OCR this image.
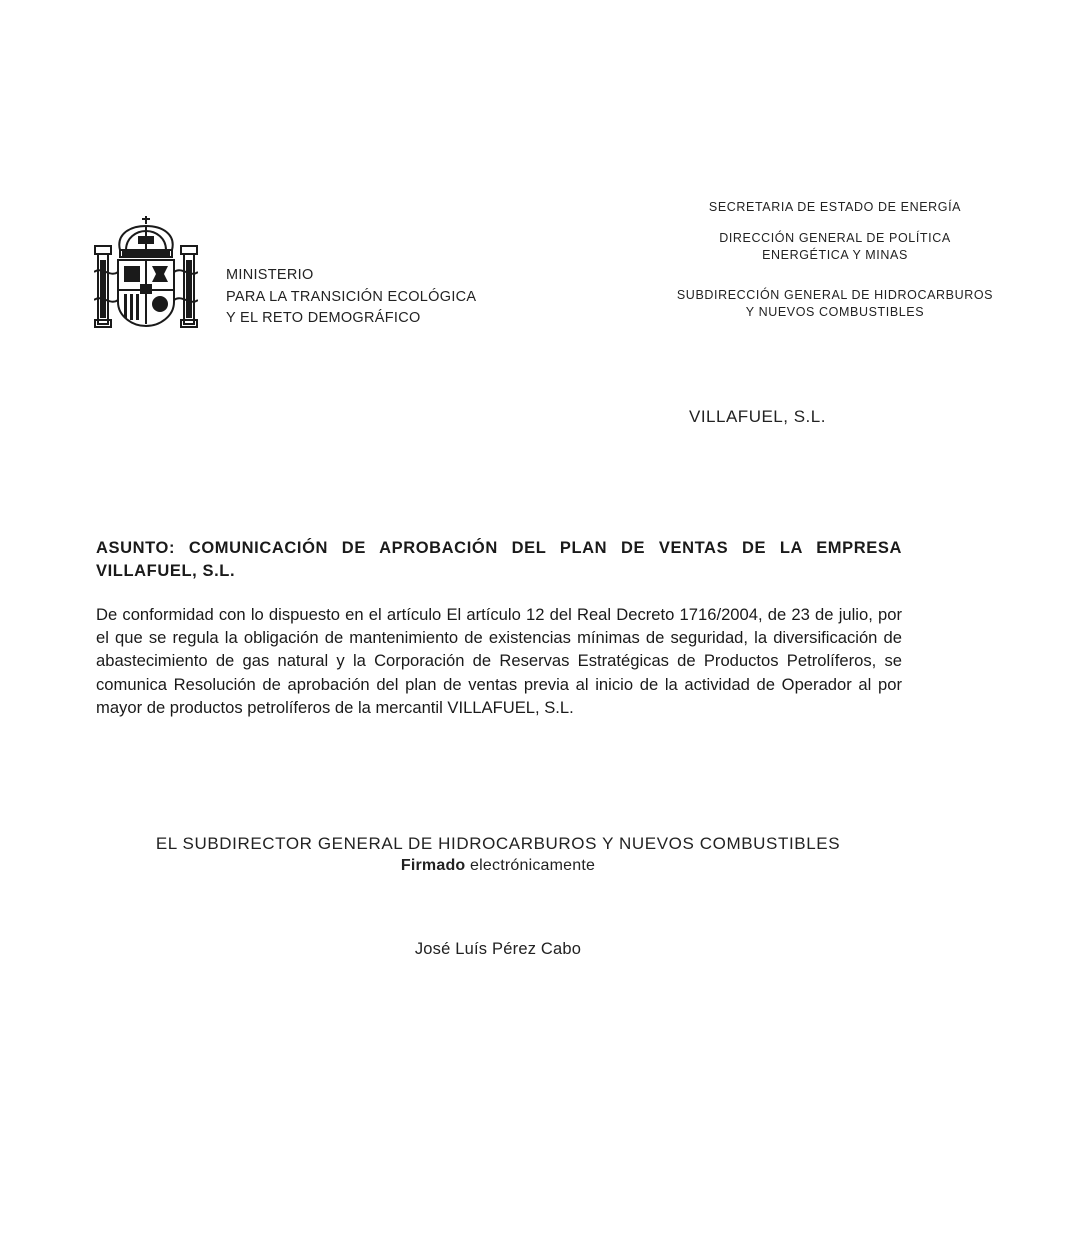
MINISTERIO
PARA LA TRANSICIÓN ECOLÓGICA
Y EL RETO DEMOGRÁFICO
SECRETARIA DE ESTADO DE ENERGÍA
DIRECCIÓN GENERAL DE POLÍTICA
ENERGÉTICA Y MINAS
SUBDIRECCIÓN GENERAL DE HIDROCARBUROS
Y NUEVOS COMBUSTIBLES
VILLAFUEL, S.L.
ASUNTO: COMUNICACIÓN DE APROBACIÓN DEL PLAN DE VENTAS DE LA EMPRESA VILLAFUEL, S.L.
De conformidad con lo dispuesto en el artículo El artículo 12 del Real Decreto 1716/2004, de 23 de julio, por el que se regula la obligación de mantenimiento de existencias mínimas de seguridad, la diversificación de abastecimiento de gas natural y la Corporación de Reservas Estratégicas de Productos Petrolíferos, se comunica Resolución de aprobación del plan de ventas previa al inicio de la actividad de Operador al por mayor de productos petrolíferos de la mercantil VILLAFUEL, S.L.
EL SUBDIRECTOR GENERAL DE HIDROCARBUROS Y NUEVOS COMBUSTIBLES
Firmado electrónicamente
José Luís Pérez Cabo
